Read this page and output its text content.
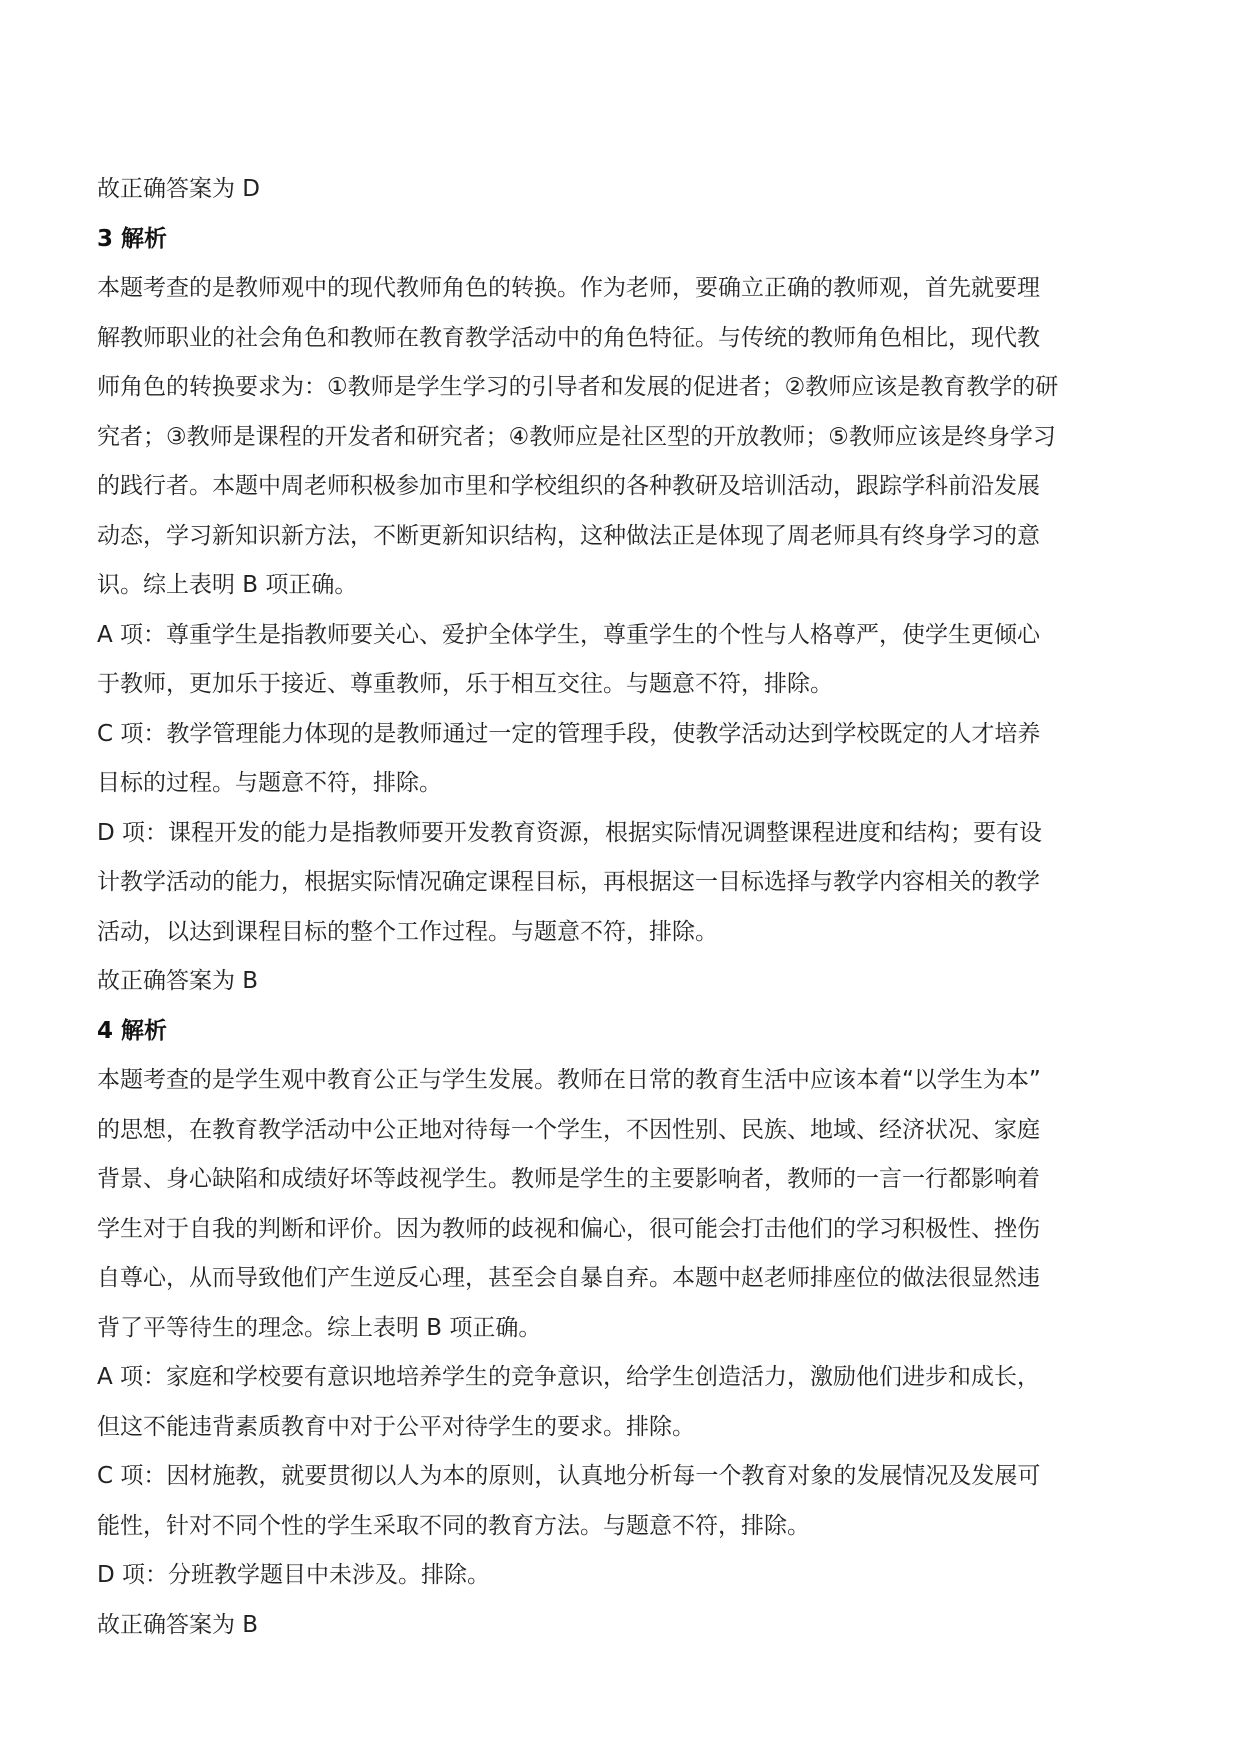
故正确答案为 D
3 解析
本题考查的是教师观中的现代教师角色的转换。作为老师，要确立正确的教师观，首先就要理
解教师职业的社会角色和教师在教育教学活动中的角色特征。与传统的教师角色相比，现代教
师角色的转换要求为：①教师是学生学习的引导者和发展的促进者；②教师应该是教育教学的研
究者；③教师是课程的开发者和研究者；④教师应是社区型的开放教师；⑤教师应该是终身学习
的践行者。本题中周老师积极参加市里和学校组织的各种教研及培训活动，跟踪学科前沿发展
动态，学习新知识新方法，不断更新知识结构，这种做法正是体现了周老师具有终身学习的意
识。综上表明 B 项正确。
A 项：尊重学生是指教师要关心、爱护全体学生，尊重学生的个性与人格尊严，使学生更倾心
于教师，更加乐于接近、尊重教师，乐于相互交往。与题意不符，排除。
C 项：教学管理能力体现的是教师通过一定的管理手段，使教学活动达到学校既定的人才培养
目标的过程。与题意不符，排除。
D 项：课程开发的能力是指教师要开发教育资源，根据实际情况调整课程进度和结构；要有设
计教学活动的能力，根据实际情况确定课程目标，再根据这一目标选择与教学内容相关的教学
活动，以达到课程目标的整个工作过程。与题意不符，排除。
故正确答案为 B
4 解析
本题考查的是学生观中教育公正与学生发展。教师在日常的教育生活中应该本着“以学生为本”
的思想，在教育教学活动中公正地对待每一个学生，不因性别、民族、地域、经济状况、家庭
背景、身心缺陷和成绩好坏等歧视学生。教师是学生的主要影响者，教师的一言一行都影响着
学生对于自我的判断和评价。因为教师的歧视和偏心，很可能会打击他们的学习积极性、挫伤
自尊心，从而导致他们产生逆反心理，甚至会自暴自弃。本题中赵老师排座位的做法很显然违
背了平等待生的理念。综上表明 B 项正确。
A 项：家庭和学校要有意识地培养学生的竞争意识，给学生创造活力，激励他们进步和成长，
但这不能违背素质教育中对于公平对待学生的要求。排除。
C 项：因材施教，就要贯彻以人为本的原则，认真地分析每一个教育对象的发展情况及发展可
能性，针对不同个性的学生采取不同的教育方法。与题意不符，排除。
D 项：分班教学题目中未涉及。排除。
故正确答案为 B
